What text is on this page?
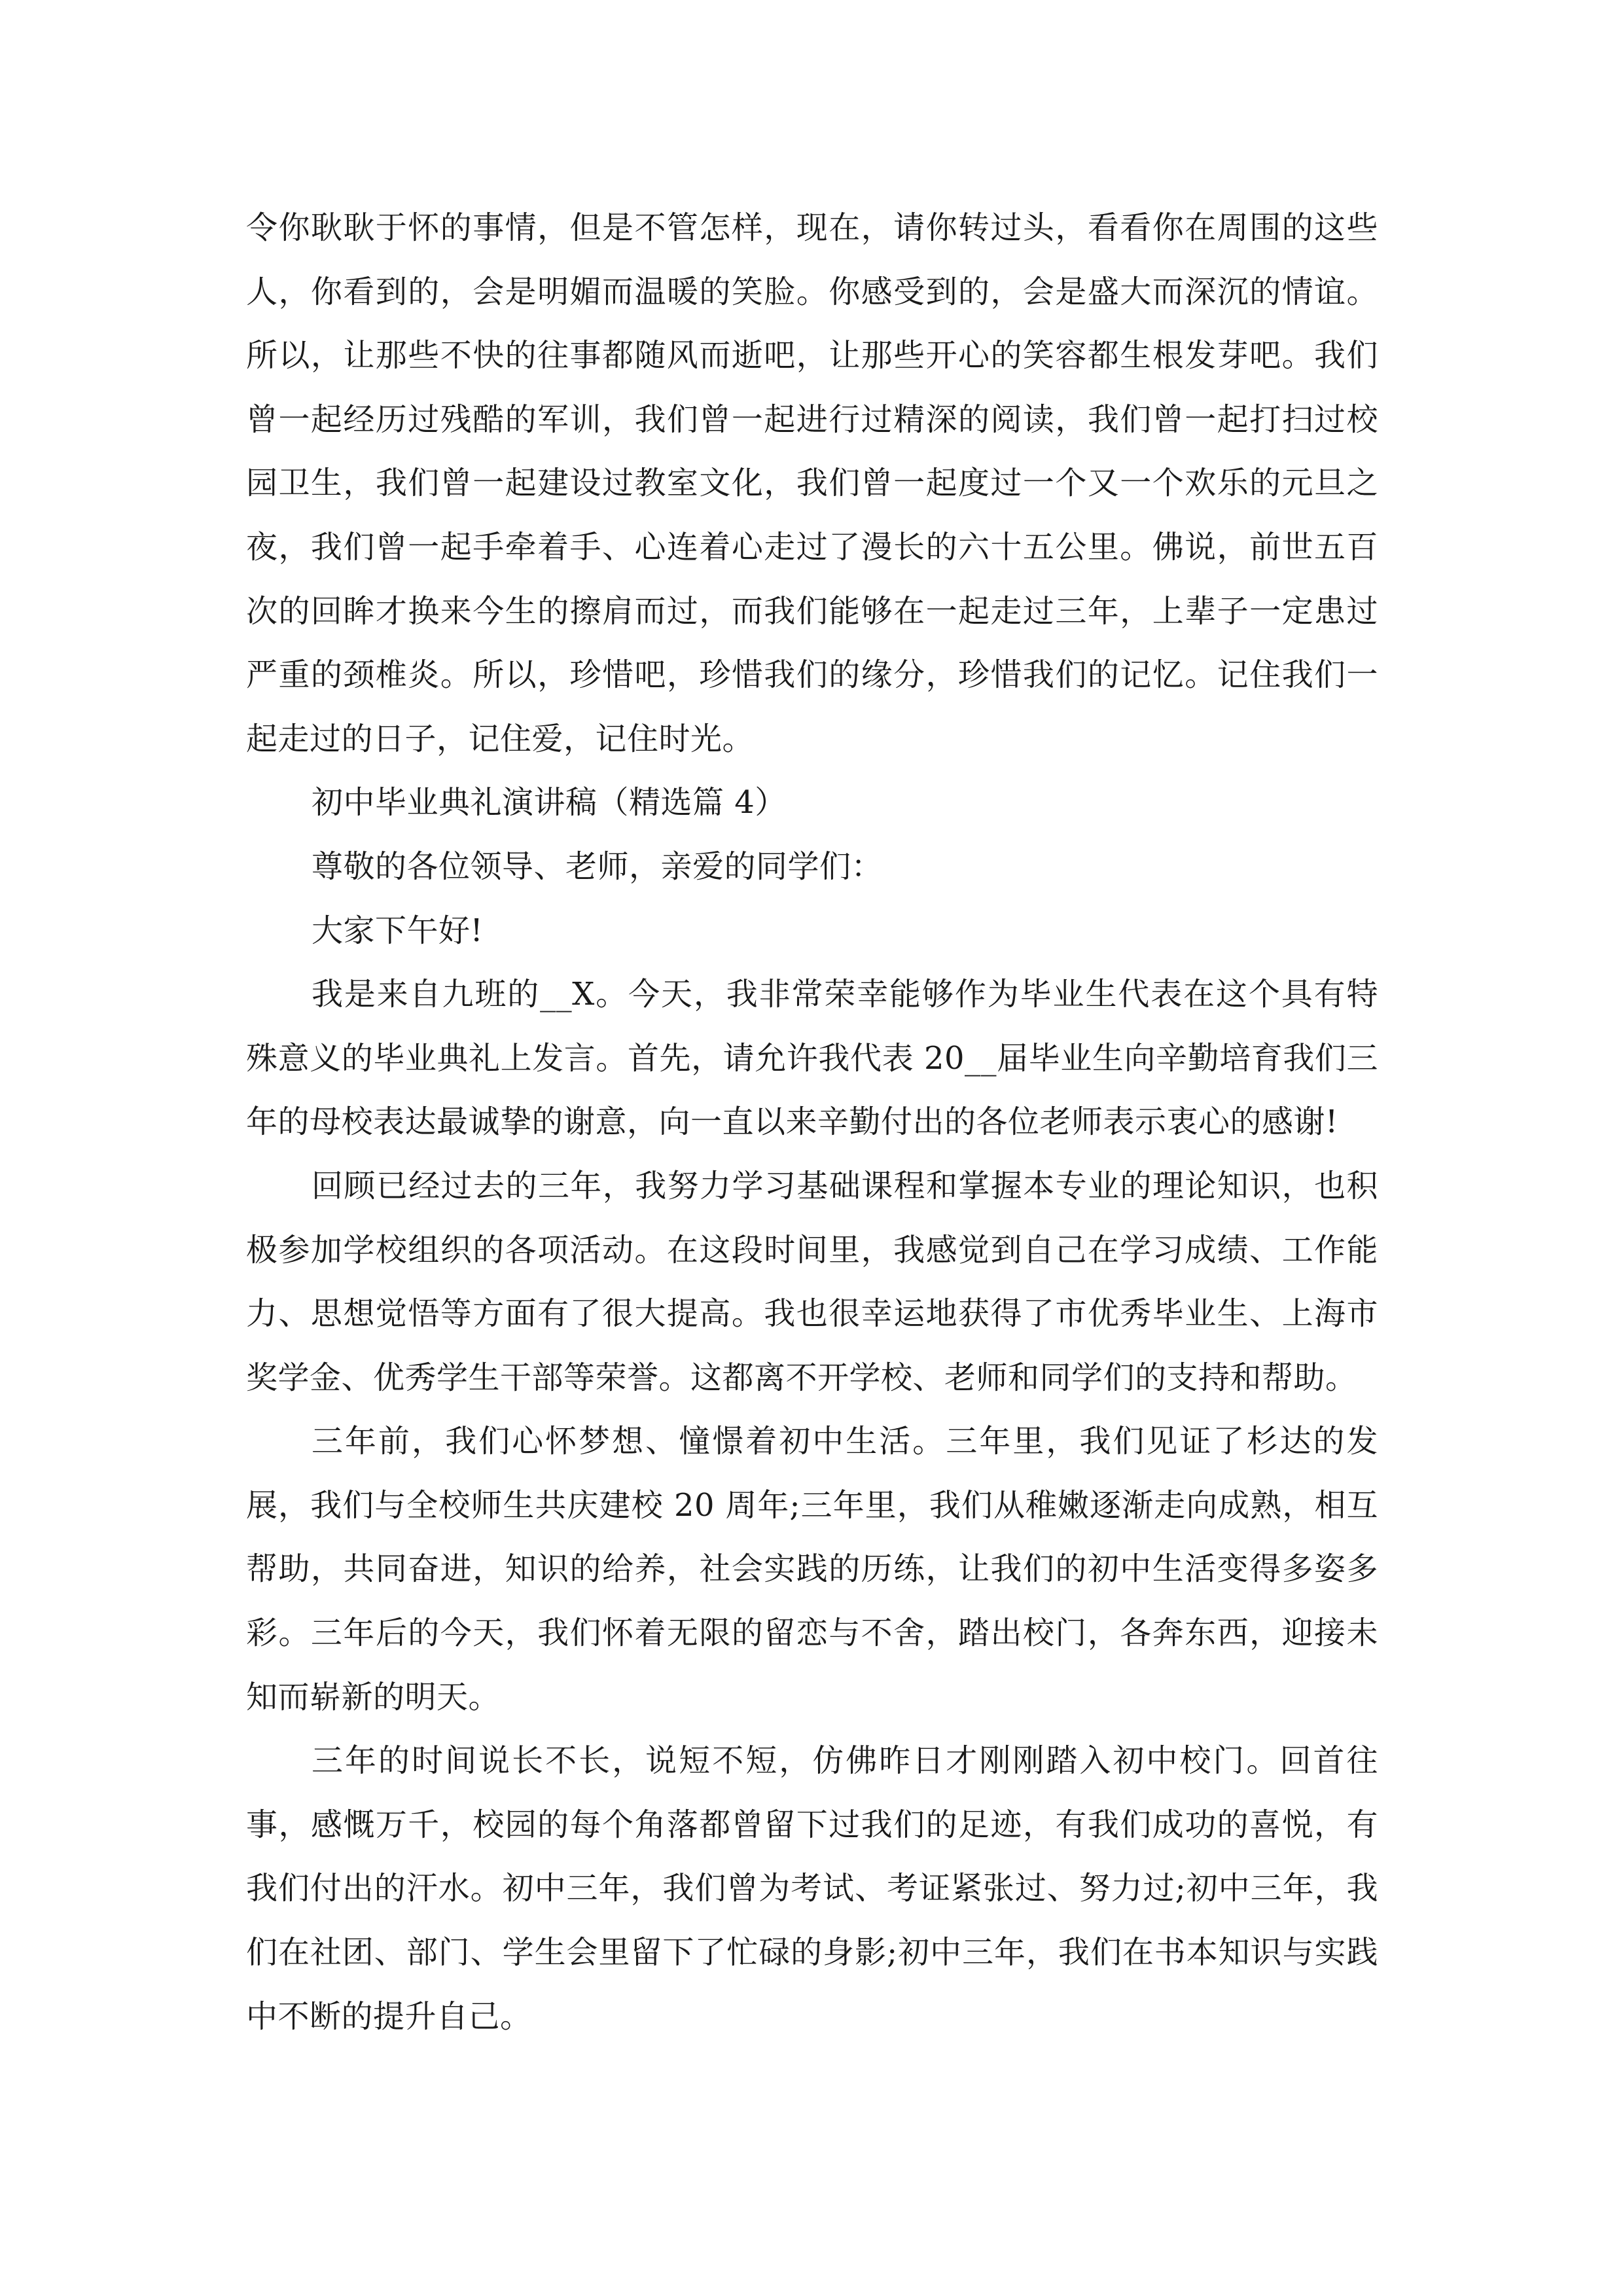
令你耿耿于怀的事情，但是不管怎样，现在，请你转过头，看看你在周围的这些人，你看到的，会是明媚而温暖的笑脸。你感受到的，会是盛大而深沉的情谊。所以，让那些不快的往事都随风而逝吧，让那些开心的笑容都生根发芽吧。我们曾一起经历过残酷的军训，我们曾一起进行过精深的阅读，我们曾一起打扫过校园卫生，我们曾一起建设过教室文化，我们曾一起度过一个又一个欢乐的元旦之夜，我们曾一起手牵着手、心连着心走过了漫长的六十五公里。佛说，前世五百次的回眸才换来今生的擦肩而过，而我们能够在一起走过三年，上辈子一定患过严重的颈椎炎。所以，珍惜吧，珍惜我们的缘分，珍惜我们的记忆。记住我们一起走过的日子，记住爱，记住时光。

初中毕业典礼演讲稿（精选篇 4）

尊敬的各位领导、老师，亲爱的同学们：

大家下午好!

我是来自九班的__X。今天，我非常荣幸能够作为毕业生代表在这个具有特殊意义的毕业典礼上发言。首先，请允许我代表 20__届毕业生向辛勤培育我们三年的母校表达最诚挚的谢意，向一直以来辛勤付出的各位老师表示衷心的感谢!

回顾已经过去的三年，我努力学习基础课程和掌握本专业的理论知识，也积极参加学校组织的各项活动。在这段时间里，我感觉到自己在学习成绩、工作能力、思想觉悟等方面有了很大提高。我也很幸运地获得了市优秀毕业生、上海市奖学金、优秀学生干部等荣誉。这都离不开学校、老师和同学们的支持和帮助。

三年前，我们心怀梦想、憧憬着初中生活。三年里，我们见证了杉达的发展，我们与全校师生共庆建校 20 周年;三年里，我们从稚嫩逐渐走向成熟，相互帮助，共同奋进，知识的给养，社会实践的历练，让我们的初中生活变得多姿多彩。三年后的今天，我们怀着无限的留恋与不舍，踏出校门，各奔东西，迎接未知而崭新的明天。

三年的时间说长不长，说短不短，仿佛昨日才刚刚踏入初中校门。回首往事，感慨万千，校园的每个角落都曾留下过我们的足迹，有我们成功的喜悦，有我们付出的汗水。初中三年，我们曾为考试、考证紧张过、努力过;初中三年，我们在社团、部门、学生会里留下了忙碌的身影;初中三年，我们在书本知识与实践中不断的提升自己。
